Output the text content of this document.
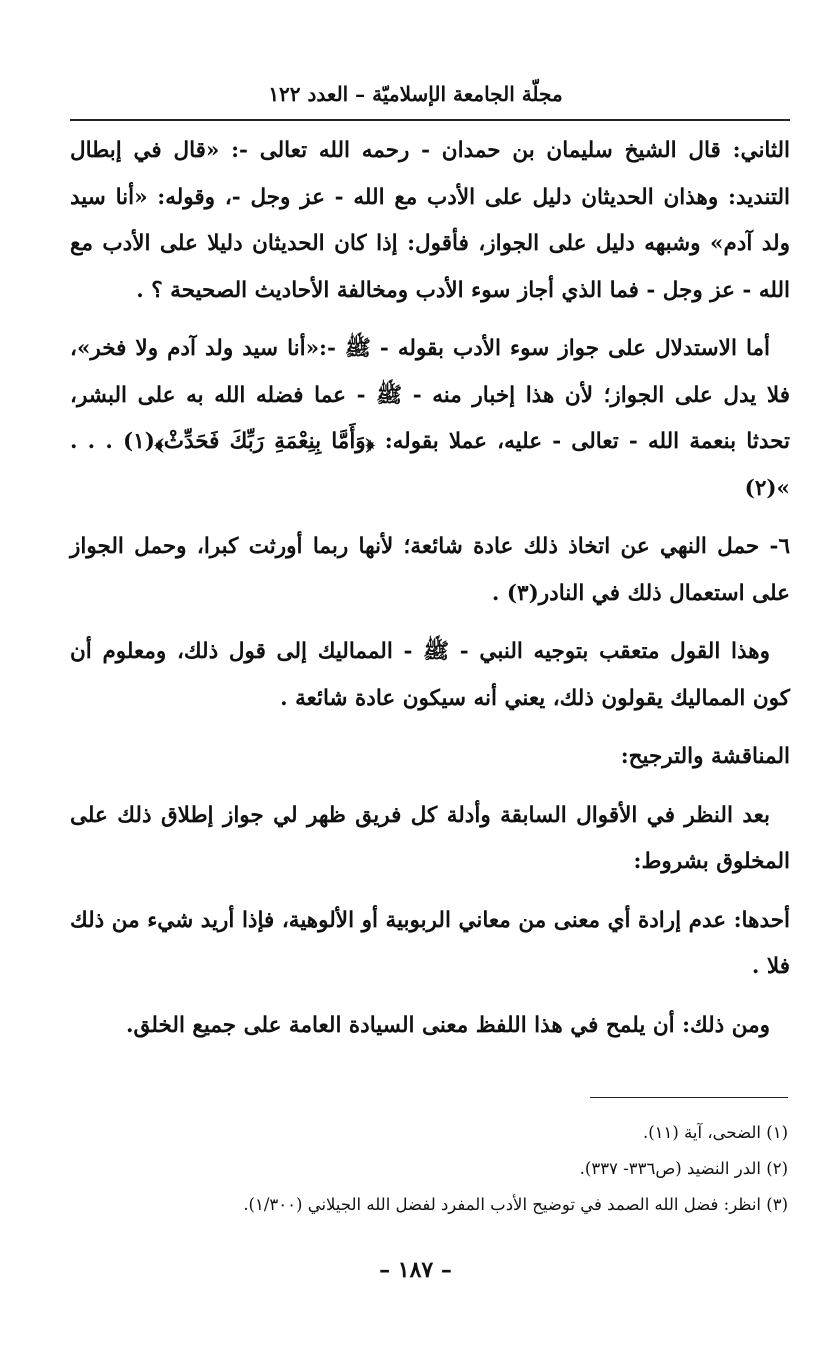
مجلّة الجامعة الإسلاميّة – العدد ١٢٢

الثاني: قال الشيخ سليمان بن حمدان - رحمه الله تعالى -: «قال في إبطال التنديد: وهذان الحديثان دليل على الأدب مع الله - عز وجل -، وقوله: «أنا سيد ولد آدم» وشبهه دليل على الجواز، فأقول: إذا كان الحديثان دليلا على الأدب مع الله - عز وجل - فما الذي أجاز سوء الأدب ومخالفة الأحاديث الصحيحة ؟ .

أما الاستدلال على جواز سوء الأدب بقوله - ﷺ -:«أنا سيد ولد آدم ولا فخر»، فلا يدل على الجواز؛ لأن هذا إخبار منه - ﷺ - عما فضله الله به على البشر، تحدثا بنعمة الله - تعالى - عليه، عملا بقوله: ﴿وَأَمَّا بِنِعْمَةِ رَبِّكَ فَحَدِّثْ﴾(١) . . . »(٢)

٦- حمل النهي عن اتخاذ ذلك عادة شائعة؛ لأنها ربما أورثت كبرا، وحمل الجواز على استعمال ذلك في النادر(٣) .

وهذا القول متعقب بتوجيه النبي - ﷺ - المماليك إلى قول ذلك، ومعلوم أن كون المماليك يقولون ذلك، يعني أنه سيكون عادة شائعة .

المناقشة والترجيح:

بعد النظر في الأقوال السابقة وأدلة كل فريق ظهر لي جواز إطلاق ذلك على المخلوق بشروط:

أحدها: عدم إرادة أي معنى من معاني الربوبية أو الألوهية، فإذا أريد شيء من ذلك فلا .

ومن ذلك: أن يلمح في هذا اللفظ معنى السيادة العامة على جميع الخلق.

(١) الضحى، آية (١١).
(٢) الدر النضيد (ص٣٣٦- ٣٣٧).
(٣) انظر: فضل الله الصمد في توضيح الأدب المفرد لفضل الله الجيلاني (١/٣٠٠).
– ١٨٧ –
